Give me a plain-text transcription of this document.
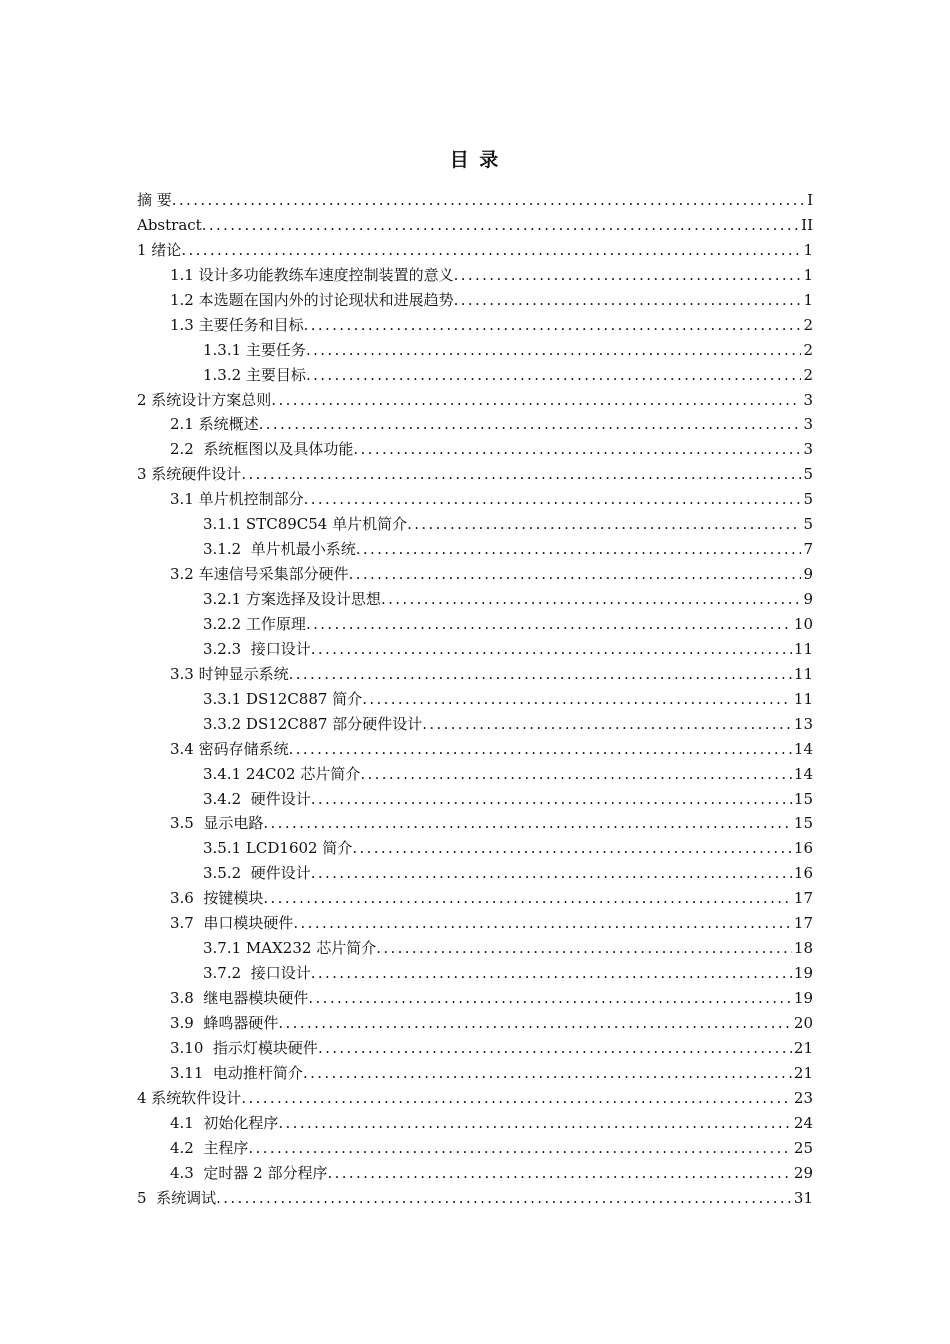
目 录
摘 要 . . .	I
Abstract . . .	II
1 绪论 . . .	1
1.1 设计多功能教练车速度控制装置的意义 . . .	1
1.2 本选题在国内外的讨论现状和进展趋势 . . .	1
1.3 主要任务和目标 . . .	2
1.3.1 主要任务 . . .	2
1.3.2 主要目标 . . .	2
2 系统设计方案总则 . . .	3
2.1 系统概述 . . .	3
2.2  系统框图以及具体功能 . . .	3
3 系统硬件设计 . . .	5
3.1 单片机控制部分 . . .	5
3.1.1 STC89C54 单片机简介 . . .	5
3.1.2  单片机最小系统 . . .	7
3.2 车速信号采集部分硬件 . . .	9
3.2.1 方案选择及设计思想 . . .	9
3.2.2 工作原理 . . .	10
3.2.3  接口设计 . . .	11
3.3 时钟显示系统 . . .	11
3.3.1 DS12C887 简介 . . .	11
3.3.2 DS12C887 部分硬件设计 . . .	13
3.4 密码存储系统 . . .	14
3.4.1 24C02 芯片简介 . . .	14
3.4.2  硬件设计 . . .	15
3.5  显示电路 . . .	15
3.5.1 LCD1602 简介 . . .	16
3.5.2  硬件设计 . . .	16
3.6  按键模块 . . .	17
3.7  串口模块硬件 . . .	17
3.7.1 MAX232 芯片简介 . . .	18
3.7.2  接口设计 . . .	19
3.8  继电器模块硬件 . . .	19
3.9  蜂鸣器硬件 . . .	20
3.10  指示灯模块硬件 . . .	21
3.11  电动推杆简介 . . .	21
4 系统软件设计 . . .	23
4.1  初始化程序 . . .	24
4.2  主程序 . . .	25
4.3  定时器 2 部分程序 . . .	29
5  系统调试 . . .	31
